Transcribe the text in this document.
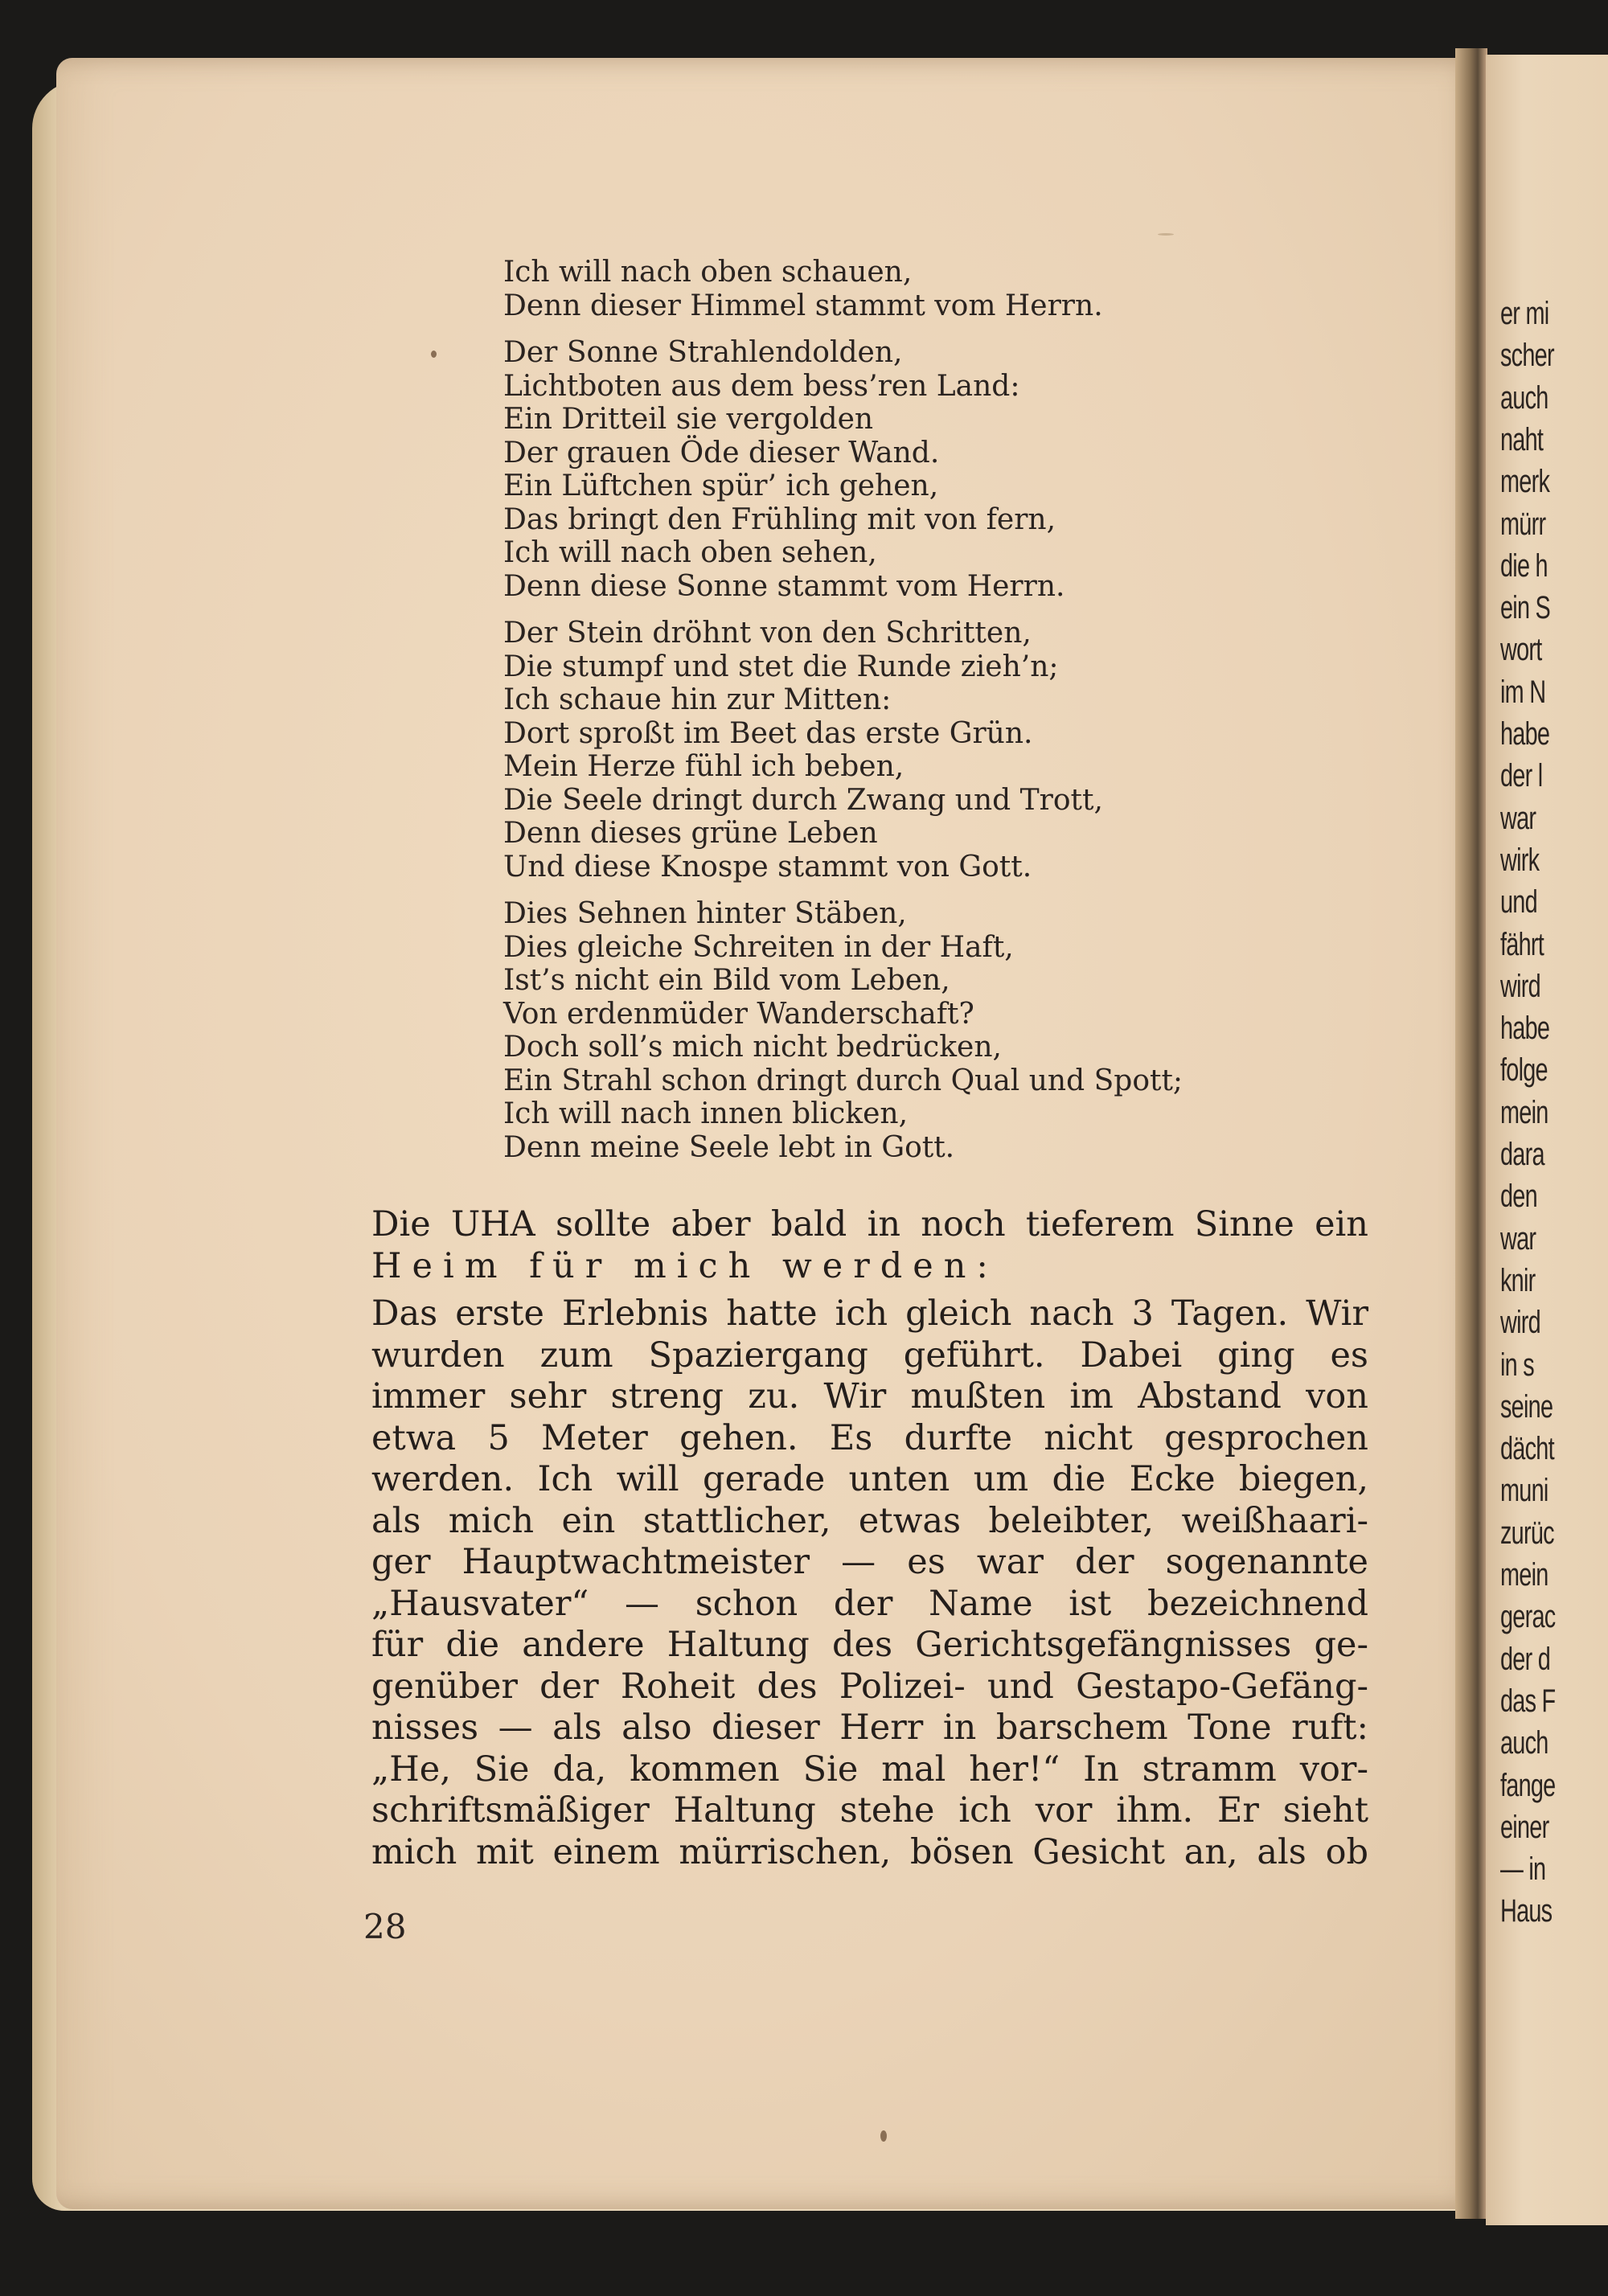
er mi
scher
auch
naht
merk
mürr
die h
ein S
wort
im N
habe
der l
war
wirk
und
fährt
wird
habe
folge
mein
dara
den
war
knir
wird
in s
seine
dächt
muni
zurüc
mein
gerac
der d
das F
auch
fange
einer
— in
Haus
Ich will nach oben schauen,
Denn dieser Himmel stammt vom Herrn.
Der Sonne Strahlendolden,
Lichtboten aus dem bess’ren Land:
Ein Dritteil sie vergolden
Der grauen Öde dieser Wand.
Ein Lüftchen spür’ ich gehen,
Das bringt den Frühling mit von fern,
Ich will nach oben sehen,
Denn diese Sonne stammt vom Herrn.
Der Stein dröhnt von den Schritten,
Die stumpf und stet die Runde zieh’n;
Ich schaue hin zur Mitten:
Dort sproßt im Beet das erste Grün.
Mein Herze fühl ich beben,
Die Seele dringt durch Zwang und Trott,
Denn dieses grüne Leben
Und diese Knospe stammt von Gott.
Dies Sehnen hinter Stäben,
Dies gleiche Schreiten in der Haft,
Ist’s nicht ein Bild vom Leben,
Von erdenmüder Wanderschaft?
Doch soll’s mich nicht bedrücken,
Ein Strahl schon dringt durch Qual und Spott;
Ich will nach innen blicken,
Denn meine Seele lebt in Gott.
Die UHA sollte aber bald in noch tieferem Sinne ein
Heim für mich werden:
Das erste Erlebnis hatte ich gleich nach 3 Tagen. Wir
wurden zum Spaziergang geführt. Dabei ging es
immer sehr streng zu. Wir mußten im Abstand von
etwa 5 Meter gehen. Es durfte nicht gesprochen
werden. Ich will gerade unten um die Ecke biegen,
als mich ein stattlicher, etwas beleibter, weißhaari-
ger Hauptwachtmeister — es war der sogenannte
„Hausvater“ — schon der Name ist bezeichnend
für die andere Haltung des Gerichtsgefängnisses ge-
genüber der Roheit des Polizei- und Gestapo-Gefäng-
nisses — als also dieser Herr in barschem Tone ruft:
„He, Sie da, kommen Sie mal her!“ In stramm vor-
schriftsmäßiger Haltung stehe ich vor ihm. Er sieht
mich mit einem mürrischen, bösen Gesicht an, als ob
28
